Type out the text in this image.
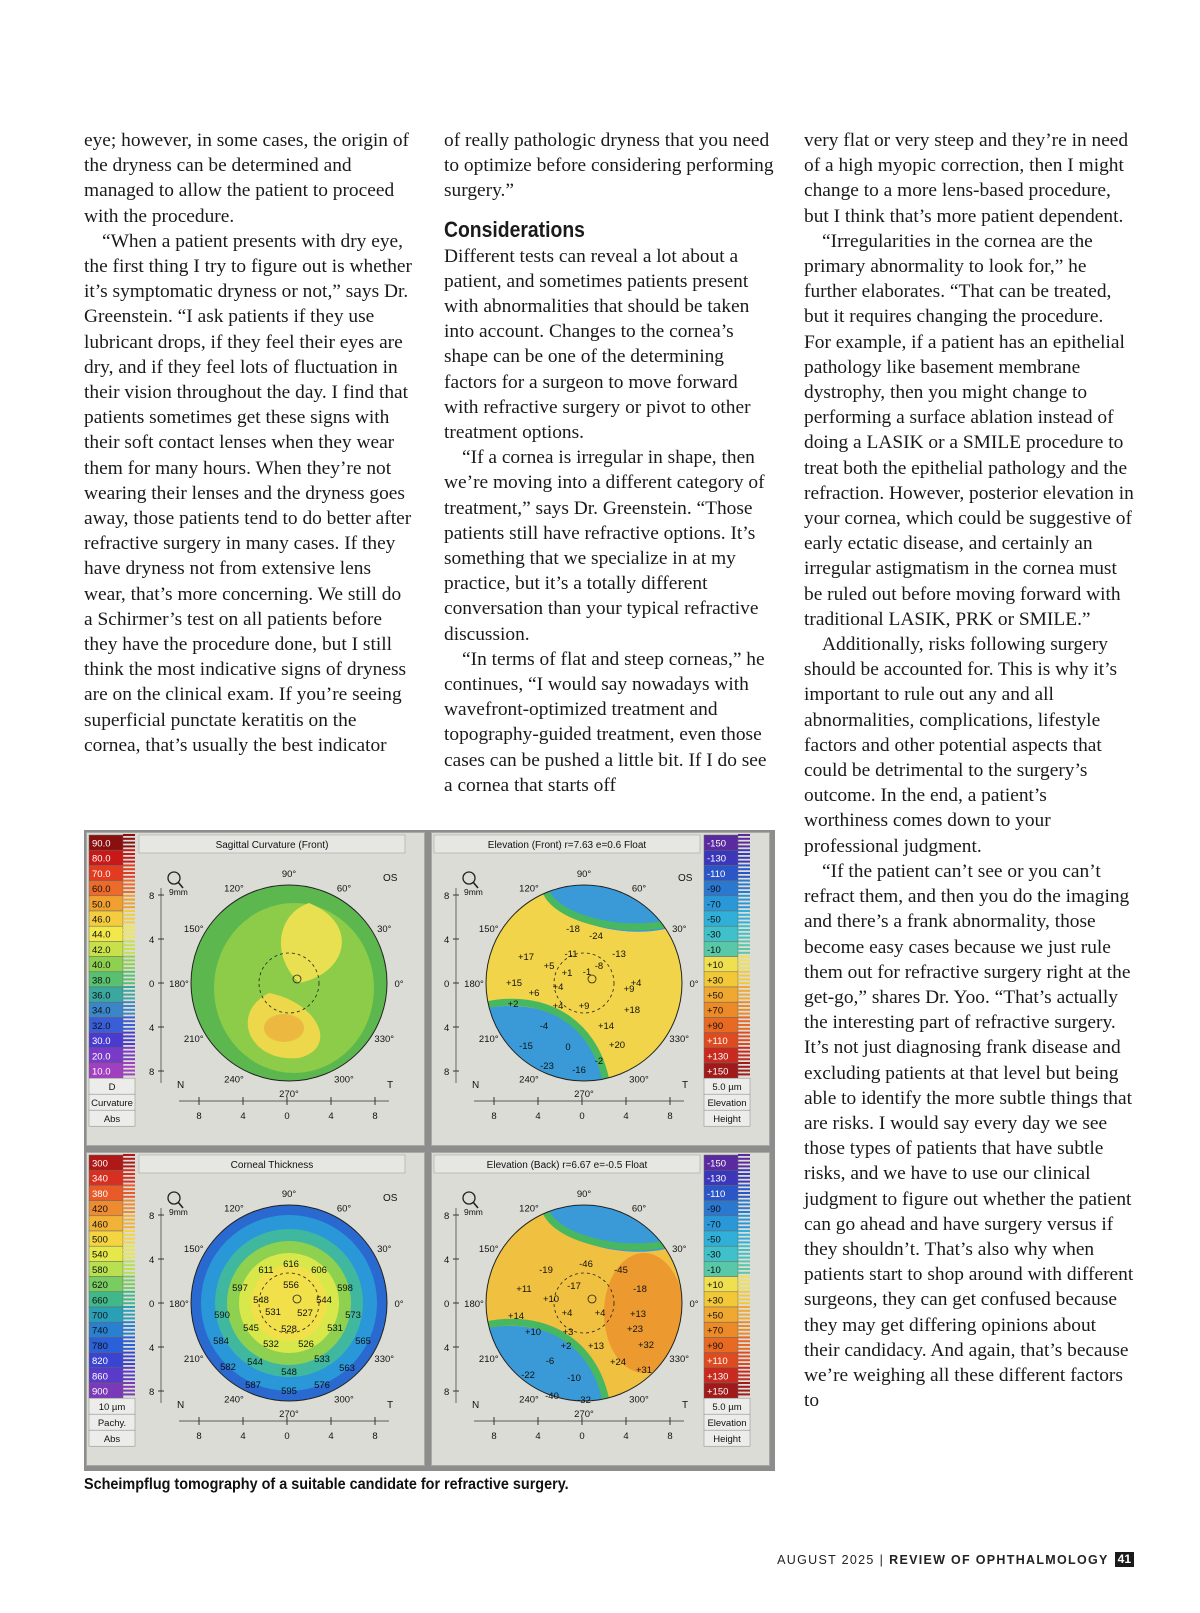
eye; however, in some cases, the origin of the dryness can be determined and managed to allow the patient to proceed with the procedure.

“When a patient presents with dry eye, the first thing I try to figure out is whether it’s symptomatic dryness or not,” says Dr. Greenstein. “I ask patients if they use lubricant drops, if they feel their eyes are dry, and if they feel lots of fluctuation in their vision throughout the day. I find that patients sometimes get these signs with their soft contact lenses when they wear them for many hours. When they’re not wearing their lenses and the dryness goes away, those patients tend to do better after refractive surgery in many cases. If they have dryness not from extensive lens wear, that’s more concerning. We still do a Schirmer’s test on all patients before they have the procedure done, but I still think the most indicative signs of dryness are on the clinical exam. If you’re seeing superficial punctate keratitis on the cornea, that’s usually the best indicator

of really pathologic dryness that you need to optimize before considering performing surgery.”

Considerations

Different tests can reveal a lot about a patient, and sometimes patients present with abnormalities that should be taken into account. Changes to the cornea’s shape can be one of the determining factors for a surgeon to move forward with refractive surgery or pivot to other treatment options.

“If a cornea is irregular in shape, then we’re moving into a different category of treatment,” says Dr. Greenstein. “Those patients still have refractive options. It’s something that we specialize in at my practice, but it’s a totally different conversation than your typical refractive discussion.

“In terms of flat and steep corneas,” he continues, “I would say nowadays with wavefront-optimized treatment and topography-guided treatment, even those cases can be pushed a little bit. If I do see a cornea that starts off

very flat or very steep and they’re in need of a high myopic correction, then I might change to a more lens-based procedure, but I think that’s more patient dependent.

“Irregularities in the cornea are the primary abnormality to look for,” he further elaborates. “That can be treated, but it requires changing the procedure. For example, if a patient has an epithelial pathology like basement membrane dystrophy, then you might change to performing a surface ablation instead of doing a LASIK or a SMILE procedure to treat both the epithelial pathology and the refraction. However, posterior elevation in your cornea, which could be suggestive of early ectatic disease, and certainly an irregular astigmatism in the cornea must be ruled out before moving forward with traditional LASIK, PRK or SMILE.”

Additionally, risks following surgery should be accounted for. This is why it’s important to rule out any and all abnormalities, complications, lifestyle factors and other potential aspects that could be detrimental to the surgery’s outcome. In the end, a patient’s worthiness comes down to your professional judgment.

“If the patient can’t see or you can’t refract them, and then you do the imaging and there’s a frank abnormality, those become easy cases because we just rule them out for refractive surgery right at the get-go,” shares Dr. Yoo. “That’s actually the interesting part of refractive surgery. It’s not just diagnosing frank disease and excluding patients at that level but being able to identify the more subtle things that are risks. I would say every day we see those types of patients that have subtle risks, and we have to use our clinical judgment to figure out whether the patient can go ahead and have surgery versus if they shouldn’t. That’s also why when patients start to shop around with different surgeons, they can get confused because they may get differing opinions about their candidacy. And again, that’s because we’re weighing all these different factors to

90.0
80.0
70.0
60.0
50.0
46.0
44.0
42.0
40.0
38.0
36.0
34.0
32.0
30.0
20.0
10.0
D
Curvature
Abs
Sagittal Curvature (Front)
90°
60°
30°
0°
330°
300°
270°
240°
210°
180°
150°
120°
9mm
OS
8
4
0
4
8
8	4	0	4	8
N	T
-150
-130
-110
-90
-70
-50
-30
-10
+10
+30
+50
+70
+90
+110
+130
+150
5.0 µm
Elevation
Height
Elevation (Front) r=7.63 e=0.6 Float
90°
60°
30°
0°
330°
300°
270°
240°
210°
180°
150°
120°
-18
-24
-11	-13
+17
+5
+1 -1
-8
+15
+6
+4	+9
+4
+2	+4 +9	+18
-4	+14
-15	0	+20
-23 -16
-2
9mm
OS
8
4
0
4
8
8	4	0	4	8
N	T
300
340
380
420
460
500
540
580
620
660
700
740
780
820
860
900
10 µm
Pachy.
Abs
Corneal Thickness
90°
60°
30°
0°
330°
300°
270°
240°
210°
180°
150°
120°
616
611	606
597	556	598
548	544
531 527
590
545 528	531
573
584	532 526	565
544	533
582	548	563
587
595
576
9mm
OS
8
4
0
4
8
8	4	0	4	8
N	T
-150
-130
-110
-90
-70
-50
-30
-10
+10
+30
+50
+70
+90
+110
+130
+150
5.0 µm
Elevation
Height
Elevation (Back) r=6.67 e=-0.5 Float
90°
60°
30°
0°
330°
300°
270°
240°
210°
180°
150°
120°
-46
-19	-45
-17	-18
+11
+10
+14	+4 +4	+13
+10 +3	+23
+2 +13	+32
-6	+24
-22	-10
+31
-40 -32
9mm
8
4
0
4
8
8	4	0	4	8
N	T
Scheimpflug tomography of a suitable candidate for refractive surgery.
AUGUST 2025 | REVIEW OF OPHTHALMOLOGY 41
